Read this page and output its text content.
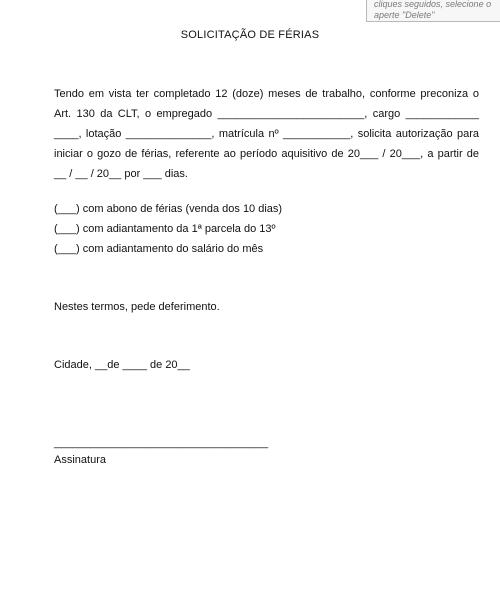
cliques seguidos, selecione o
aperte "Delete"
SOLICITAÇÃO DE FÉRIAS
Tendo em vista ter completado 12 (doze) meses de trabalho, conforme preconiza o
Art. 130 da CLT, o empregado ________________________, cargo ____________
____, lotação ______________, matrícula nº ___________, solicita autorização para
iniciar o gozo de férias, referente ao período aquisitivo de 20___ / 20___, a partir de
__ / __ / 20__ por ___ dias.
(___) com abono de férias (venda dos 10 dias)
(___) com adiantamento da 1ª parcela do 13º
(___) com adiantamento do salário do mês
Nestes termos, pede deferimento.
Cidade, __de ____ de 20__
___________________________________
Assinatura
